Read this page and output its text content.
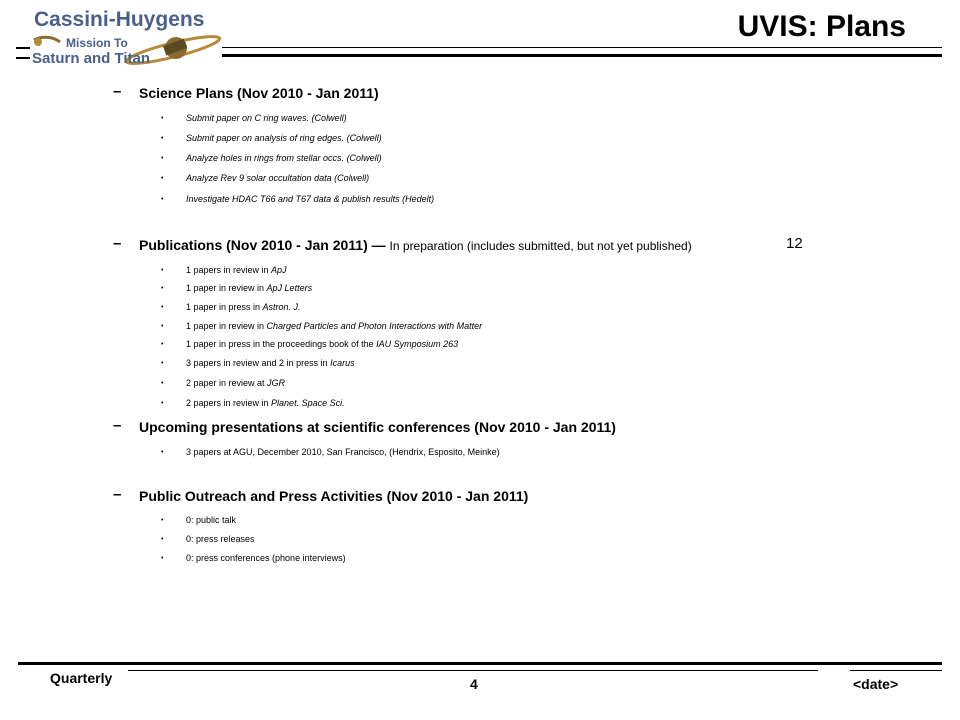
Cassini-Huygens
Mission To
Saturn and Titan
UVIS: Plans
– Science Plans (Nov 2010 - Jan 2011)
•	Submit paper on C ring waves. (Colwell)
•	Submit paper on analysis of ring edges. (Colwell)
•	Analyze holes in rings from stellar occs. (Colwell)
•	Analyze Rev 9 solar occultation data (Colwell)
•	Investigate HDAC T66 and T67 data & publish results (Hedelt)
– Publications (Nov 2010 - Jan 2011) — In preparation (includes submitted, but not yet published)	12
•	1 papers in review in ApJ
•	1 paper in review in ApJ Letters
•	1 paper in press in Astron. J.
•	1 paper in review in Charged Particles and Photon Interactions with Matter
•	1 paper in press in the proceedings book of the IAU Symposium 263
•	3 papers in review and 2 in press in Icarus
•	2 paper in review at JGR
•	2 papers in review in Planet. Space Sci.
– Upcoming presentations at scientific conferences (Nov 2010 - Jan 2011)
•	3 papers at AGU, December 2010, San Francisco, (Hendrix, Esposito, Meinke)
– Public Outreach and Press Activities (Nov 2010 - Jan 2011)
•	0: public talk
•	0: press releases
•	0: press conferences (phone interviews)
Quarterly	4	<date>
